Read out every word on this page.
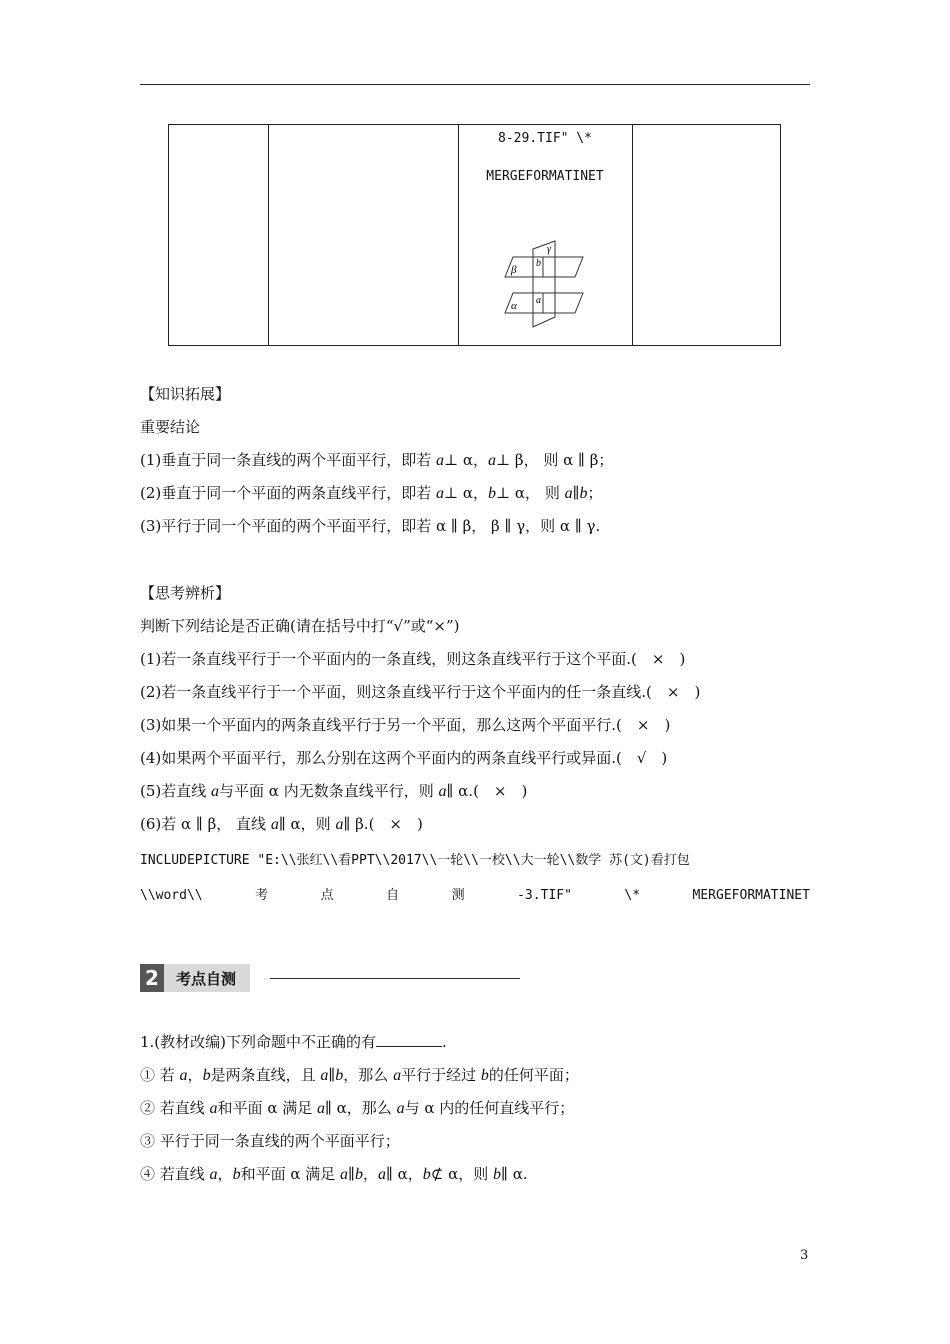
8-29.TIF" \*
MERGEFORMATINET
β
b
γ
α a
【知识拓展】
重要结论
(1)垂直于同一条直线的两个平面平行，即若 a⊥ α，a⊥ β， 则 α ∥ β；
(2)垂直于同一个平面的两条直线平行，即若 a⊥ α，b⊥ α， 则 a∥b；
(3)平行于同一个平面的两个平面平行，即若 α ∥ β， β ∥ γ，则 α ∥ γ.
【思考辨析】
判断下列结论是否正确(请在括号中打“√”或“×”)
(1)若一条直线平行于一个平面内的一条直线，则这条直线平行于这个平面.(　×　)
(2)若一条直线平行于一个平面，则这条直线平行于这个平面内的任一条直线.(　×　)
(3)如果一个平面内的两条直线平行于另一个平面，那么这两个平面平行.(　×　)
(4)如果两个平面平行，那么分别在这两个平面内的两条直线平行或异面.(　√　)
(5)若直线 a与平面 α 内无数条直线平行，则 a∥ α.(　×　)
(6)若 α ∥ β， 直线 a∥ α，则 a∥ β.(　×　)
INCLUDEPICTURE "E:\\张红\\看PPT\\2017\\一轮\\一校\\大一轮\\数学 苏(文)看打包
\\word\\	考	点	自	测	-3.TIF"	\*	MERGEFORMATINET
2	考点自测
1.(教材改编)下列命题中不正确的有	.
① 若 a，b是两条直线，且 a∥b，那么 a平行于经过 b的任何平面；
② 若直线 a和平面 α 满足 a∥ α，那么 a与 α 内的任何直线平行；
③ 平行于同一条直线的两个平面平行；
④ 若直线 a，b和平面 α 满足 a∥b，a∥ α，b⊄ α，则 b∥ α.
3
